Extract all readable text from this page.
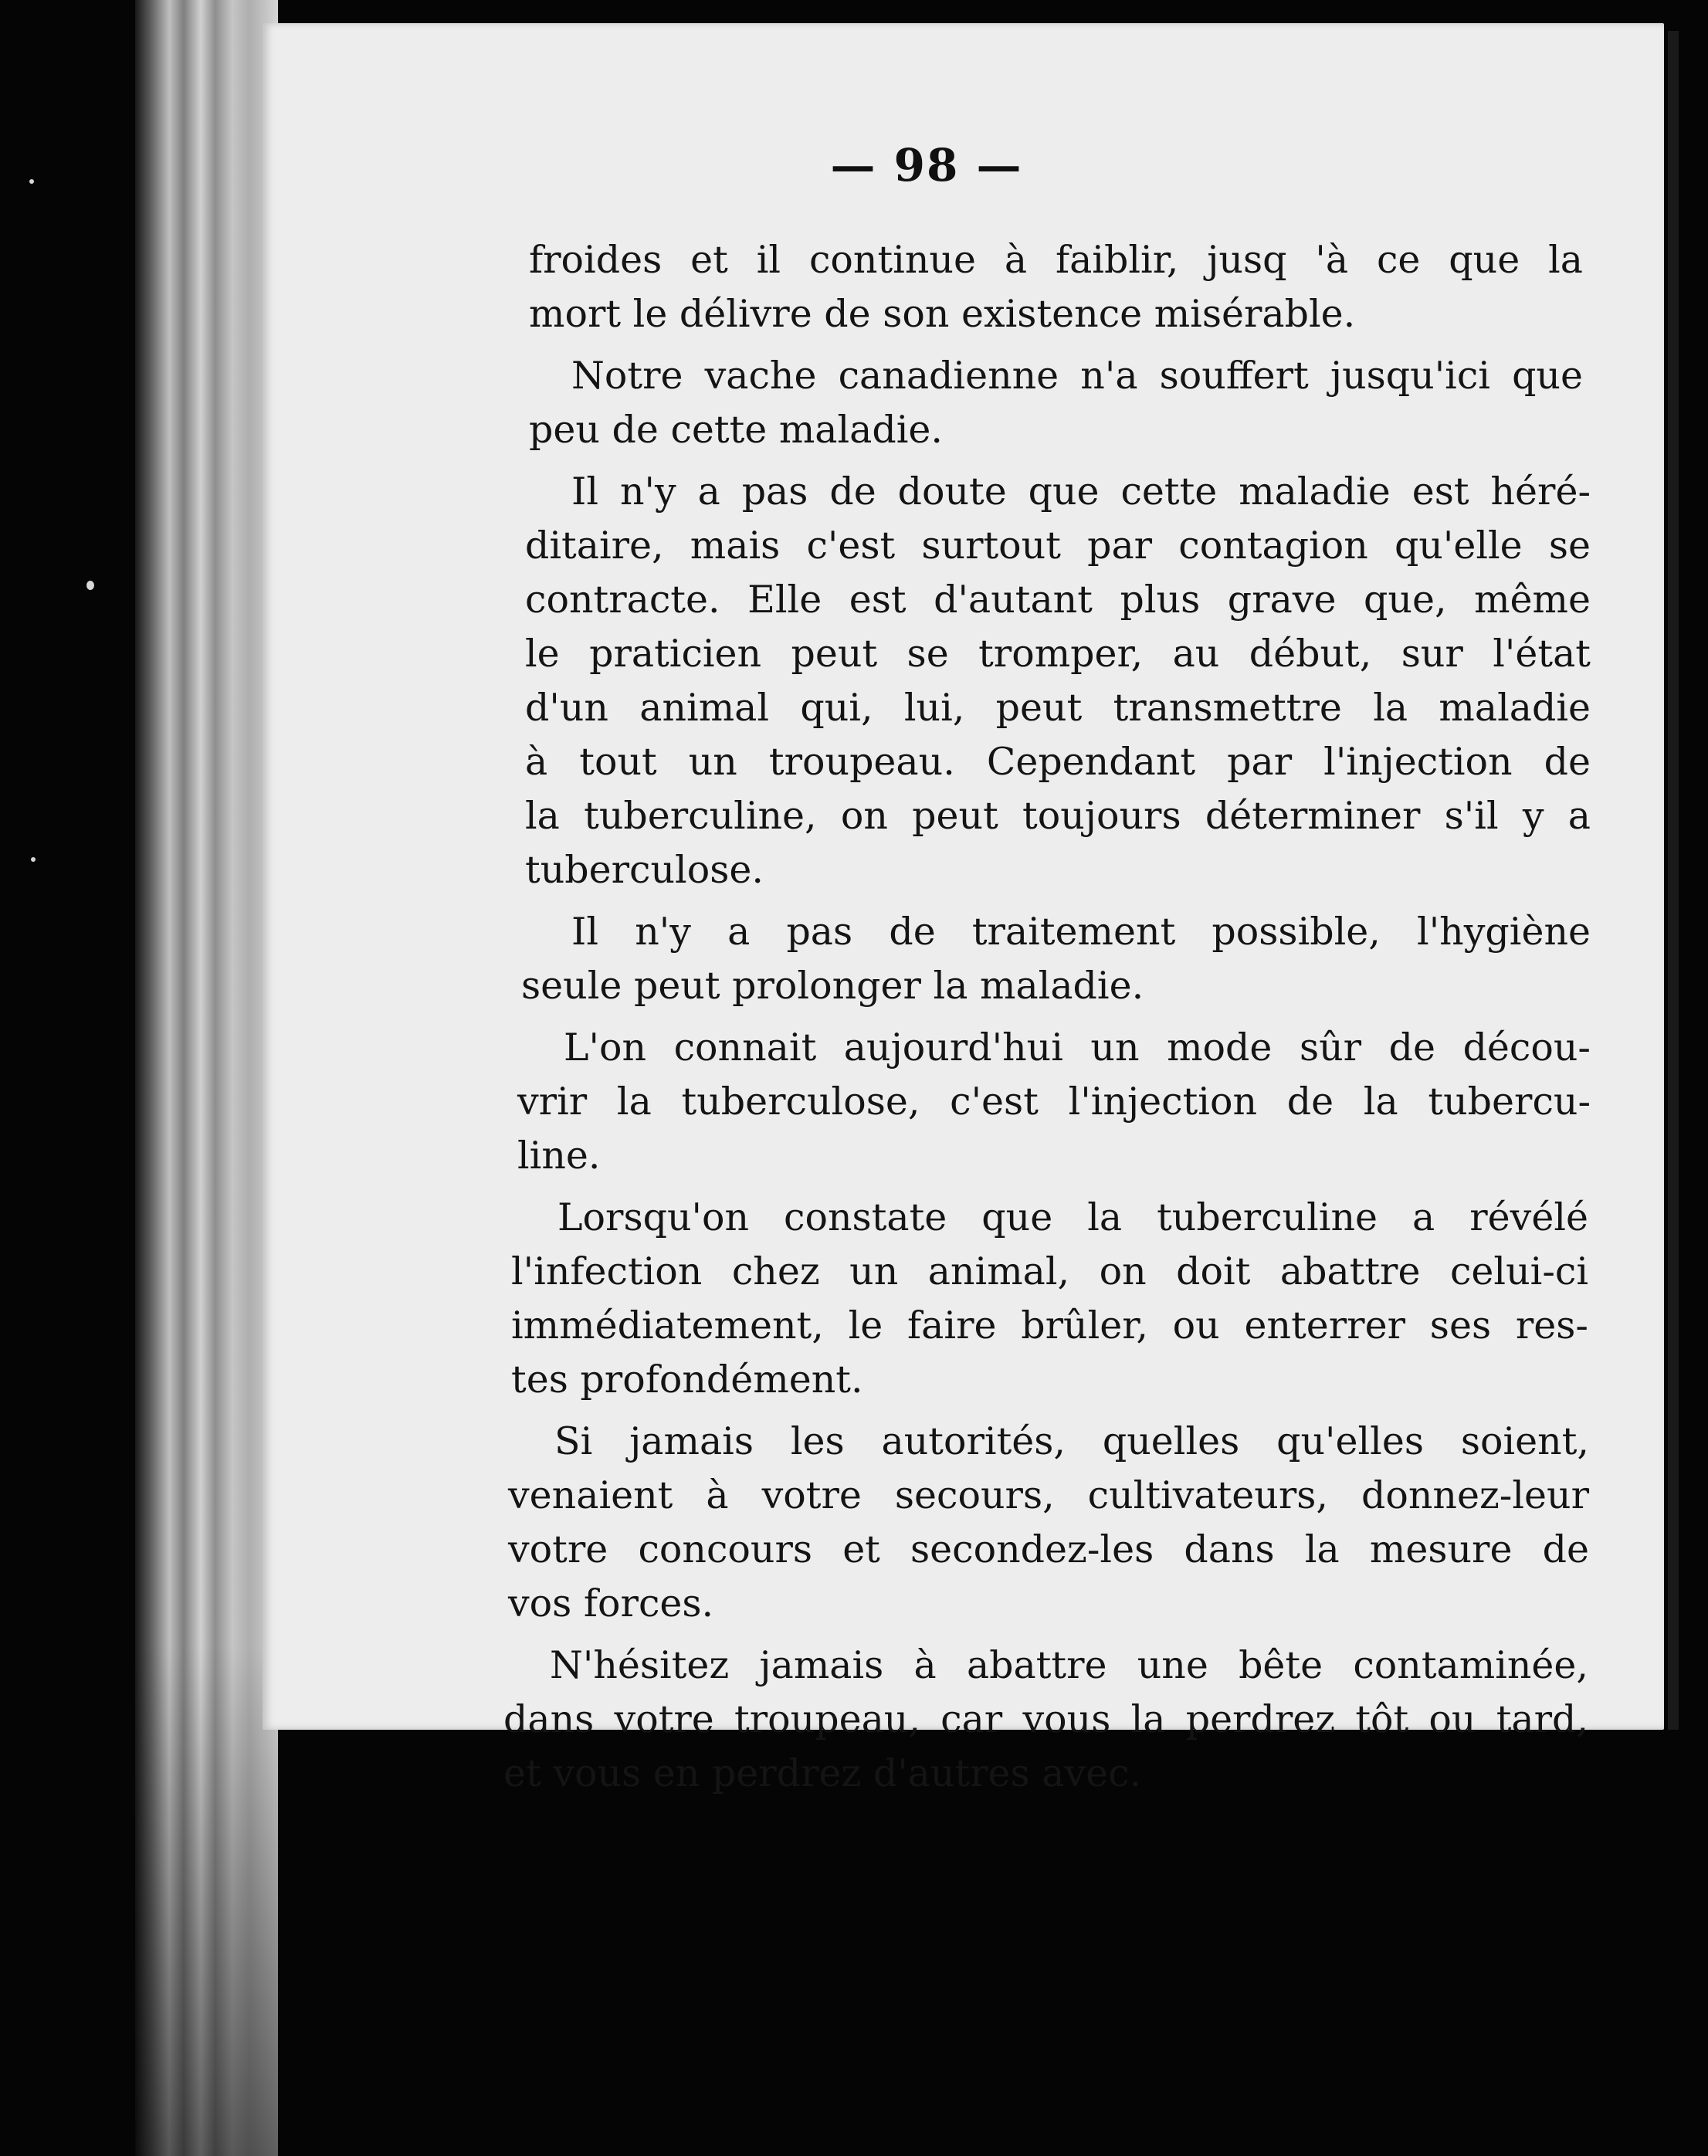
— 98 —
froides et il continue à faiblir, jusq 'à ce que la
mort le délivre de son existence misérable.
Notre vache canadienne n'a souffert jusqu'ici que
peu de cette maladie.
Il n'y a pas de doute que cette maladie est héré-
ditaire, mais c'est surtout par contagion qu'elle se
contracte. Elle est d'autant plus grave que, même
le praticien peut se tromper, au début, sur l'état
d'un animal qui, lui, peut transmettre la maladie
à tout un troupeau. Cependant par l'injection de
la tuberculine, on peut toujours déterminer s'il y a
tuberculose.
Il n'y a pas de traitement possible, l'hygiène
seule peut prolonger la maladie.
L'on connait aujourd'hui un mode sûr de décou-
vrir la tuberculose, c'est l'injection de la tubercu-
line.
Lorsqu'on constate que la tuberculine a révélé
l'infection chez un animal, on doit abattre celui-ci
immédiatement, le faire brûler, ou enterrer ses res-
tes profondément.
Si jamais les autorités, quelles qu'elles soient,
venaient à votre secours, cultivateurs, donnez-leur
votre concours et secondez-les dans la mesure de
vos forces.
N'hésitez jamais à abattre une bête contaminée,
dans votre troupeau, car vous la perdrez tôt ou tard,
et vous en perdrez d'autres avec.
